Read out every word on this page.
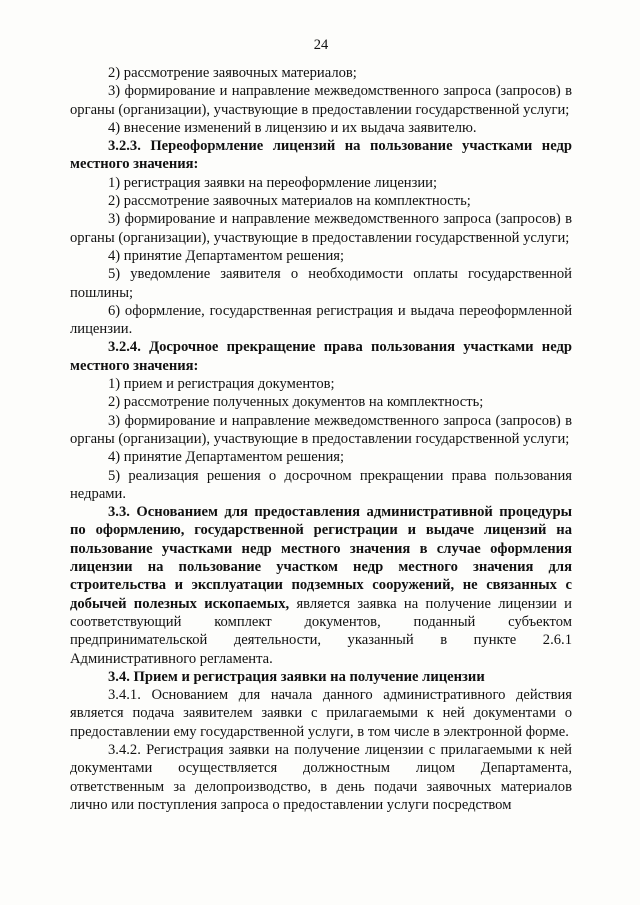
24

2) рассмотрение заявочных материалов;

3) формирование и направление межведомственного запроса (запросов) в органы (организации), участвующие в предоставлении государственной услуги;

4) внесение изменений в лицензию и их выдача заявителю.

3.2.3. Переоформление лицензий на пользование участками недр местного значения:

1) регистрация заявки на переоформление лицензии;

2) рассмотрение заявочных материалов на комплектность;

3) формирование и направление межведомственного запроса (запросов) в органы (организации), участвующие в предоставлении государственной услуги;

4) принятие Департаментом решения;

5) уведомление заявителя о необходимости оплаты государственной пошлины;

6) оформление, государственная регистрация и выдача переоформленной лицензии.

3.2.4. Досрочное прекращение права пользования участками недр местного значения:

1) прием и регистрация документов;

2) рассмотрение полученных документов на комплектность;

3) формирование и направление межведомственного запроса (запросов) в органы (организации), участвующие в предоставлении государственной услуги;

4) принятие Департаментом решения;

5) реализация решения о досрочном прекращении права пользования недрами.

3.3. Основанием для предоставления административной процедуры по оформлению, государственной регистрации и выдаче лицензий на пользование участками недр местного значения в случае оформления лицензии на пользование участком недр местного значения для строительства и эксплуатации подземных сооружений, не связанных с добычей полезных ископаемых, является заявка на получение лицензии и соответствующий комплект документов, поданный субъектом предпринимательской деятельности, указанный в пункте 2.6.1 Административного регламента.

3.4. Прием и регистрация заявки на получение лицензии

3.4.1. Основанием для начала данного административного действия является подача заявителем заявки с прилагаемыми к ней документами о предоставлении ему государственной услуги, в том числе в электронной форме.

3.4.2. Регистрация заявки на получение лицензии с прилагаемыми к ней документами осуществляется должностным лицом Департамента, ответственным за делопроизводство, в день подачи заявочных материалов лично или поступления запроса о предоставлении услуги посредством
